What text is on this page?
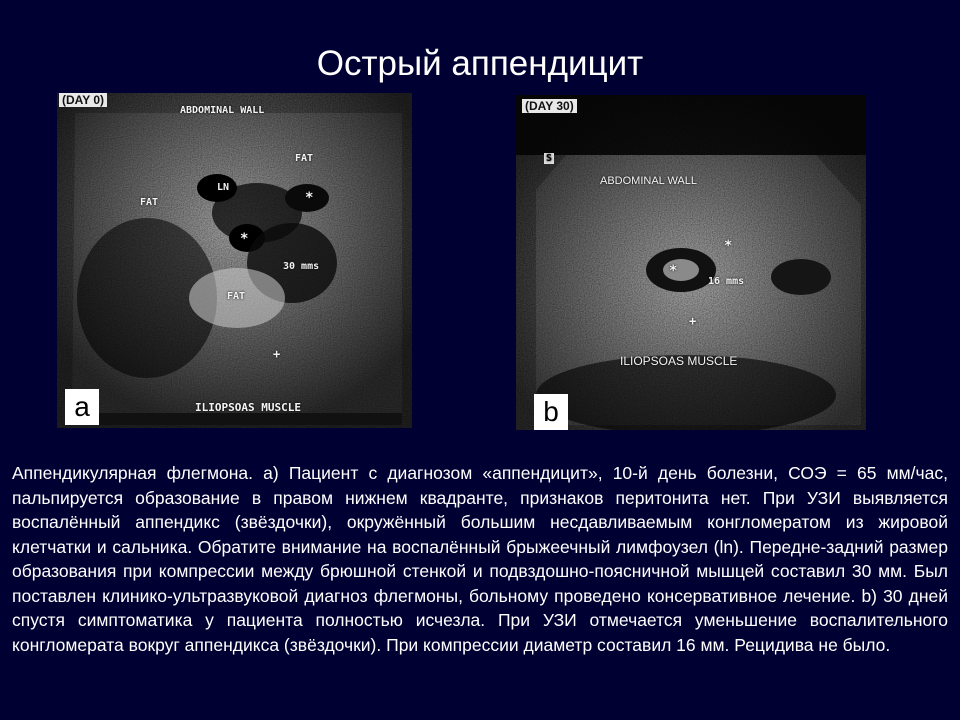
Острый аппендицит
(DAY 0)
ABDOMINAL WALL
FAT
FAT
LN
*
*
30 mms
FAT
+
ILIOPSOAS MUSCLE
a
(DAY 30)
S
ABDOMINAL WALL
*
*
16 mms
+
ILIOPSOAS MUSCLE
b
Аппендикулярная флегмона. a) Пациент с диагнозом «аппендицит», 10-й день болезни, СОЭ = 65 мм/час, пальпируется образование в правом нижнем квадранте, признаков перитонита нет. При УЗИ выявляется воспалённый аппендикс (звёздочки), окружённый большим несдавливаемым конгломератом из жировой клетчатки и сальника. Обратите внимание на воспалённый брыжеечный лимфоузел (ln). Передне-задний размер образования при компрессии между брюшной стенкой и подвздошно-поясничной мышцей составил 30 мм. Был поставлен клинико-ультразвуковой диагноз флегмоны, больному проведено консервативное лечение. b) 30 дней спустя симптоматика у пациента полностью исчезла. При УЗИ отмечается уменьшение воспалительного конгломерата вокруг аппендикса (звёздочки). При компрессии диаметр составил 16 мм. Рецидива не было.
